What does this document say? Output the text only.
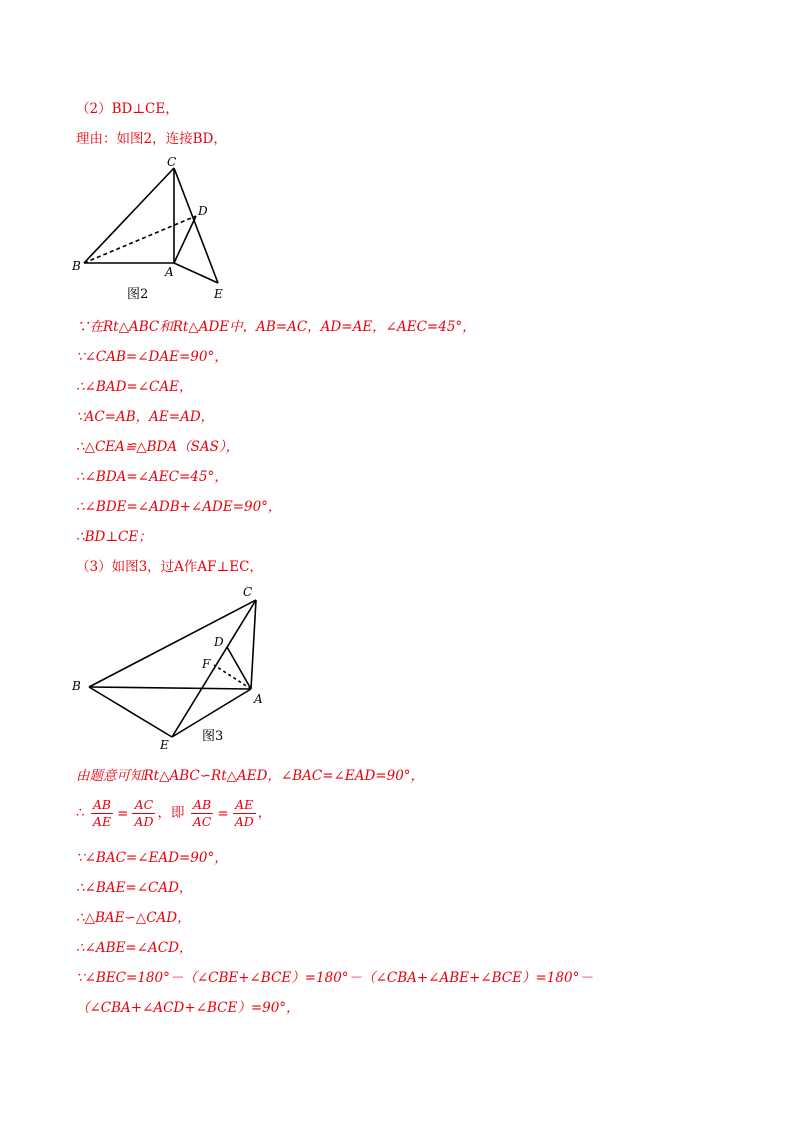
（2）BD⊥CE，
理由：如图2，连接BD，
C
D
B	A
E
图2
C
D
F
B
A
E
图3
∵在Rt△ABC和Rt△ADE中，AB=AC，AD=AE，∠AEC=45°，
∵∠CAB=∠DAE=90°，
∴∠BAD=∠CAE，
∵AC=AB，AE=AD，
∴△CEA≌△BDA（SAS），
∴∠BDA=∠AEC=45°，
∴∠BDE=∠ADB+∠ADE=90°，
∴BD⊥CE；
（3）如图3，过A作AF⊥EC，
由题意可知Rt△ABC∽Rt△AED，∠BAC=∠EAD=90°，
∴ $\frac{AB}{AE} = \frac{AC}{AD}$ ，即 $\frac{AB}{AC} = \frac{AE}{AD}$ ，
∵∠BAC=∠EAD=90°，
∴∠BAE=∠CAD，
∴△BAE∽△CAD，
∴∠ABE=∠ACD，
∵∠BEC=180°－（∠CBE+∠BCE）=180°－（∠CBA+∠ABE+∠BCE）=180°－
（∠CBA+∠ACD+∠BCE）=90°，
